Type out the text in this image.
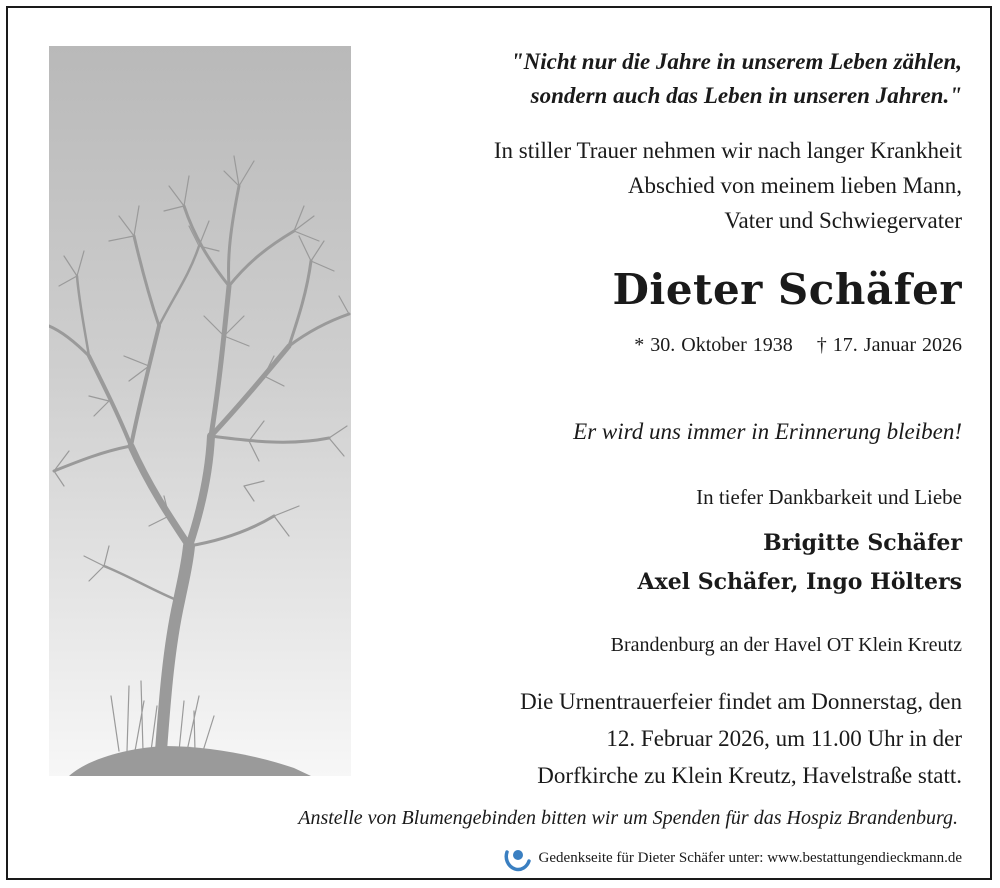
"Nicht nur die Jahre in unserem Leben zählen,
sondern auch das Leben in unseren Jahren."
In stiller Trauer nehmen wir nach langer Krankheit
Abschied von meinem lieben Mann,
Vater und Schwiegervater
Dieter Schäfer
* 30. Oktober 1938 † 17. Januar 2026
Er wird uns immer in Erinnerung bleiben!
In tiefer Dankbarkeit und Liebe
Brigitte Schäfer
Axel Schäfer, Ingo Hölters
Brandenburg an der Havel OT Klein Kreutz
Die Urnentrauerfeier findet am Donnerstag, den
12. Februar 2026, um 11.00 Uhr in der
Dorfkirche zu Klein Kreutz, Havelstraße statt.
Anstelle von Blumengebinden bitten wir um Spenden für das Hospiz Brandenburg.
Gedenkseite für Dieter Schäfer unter: www.bestattungendieckmann.de
